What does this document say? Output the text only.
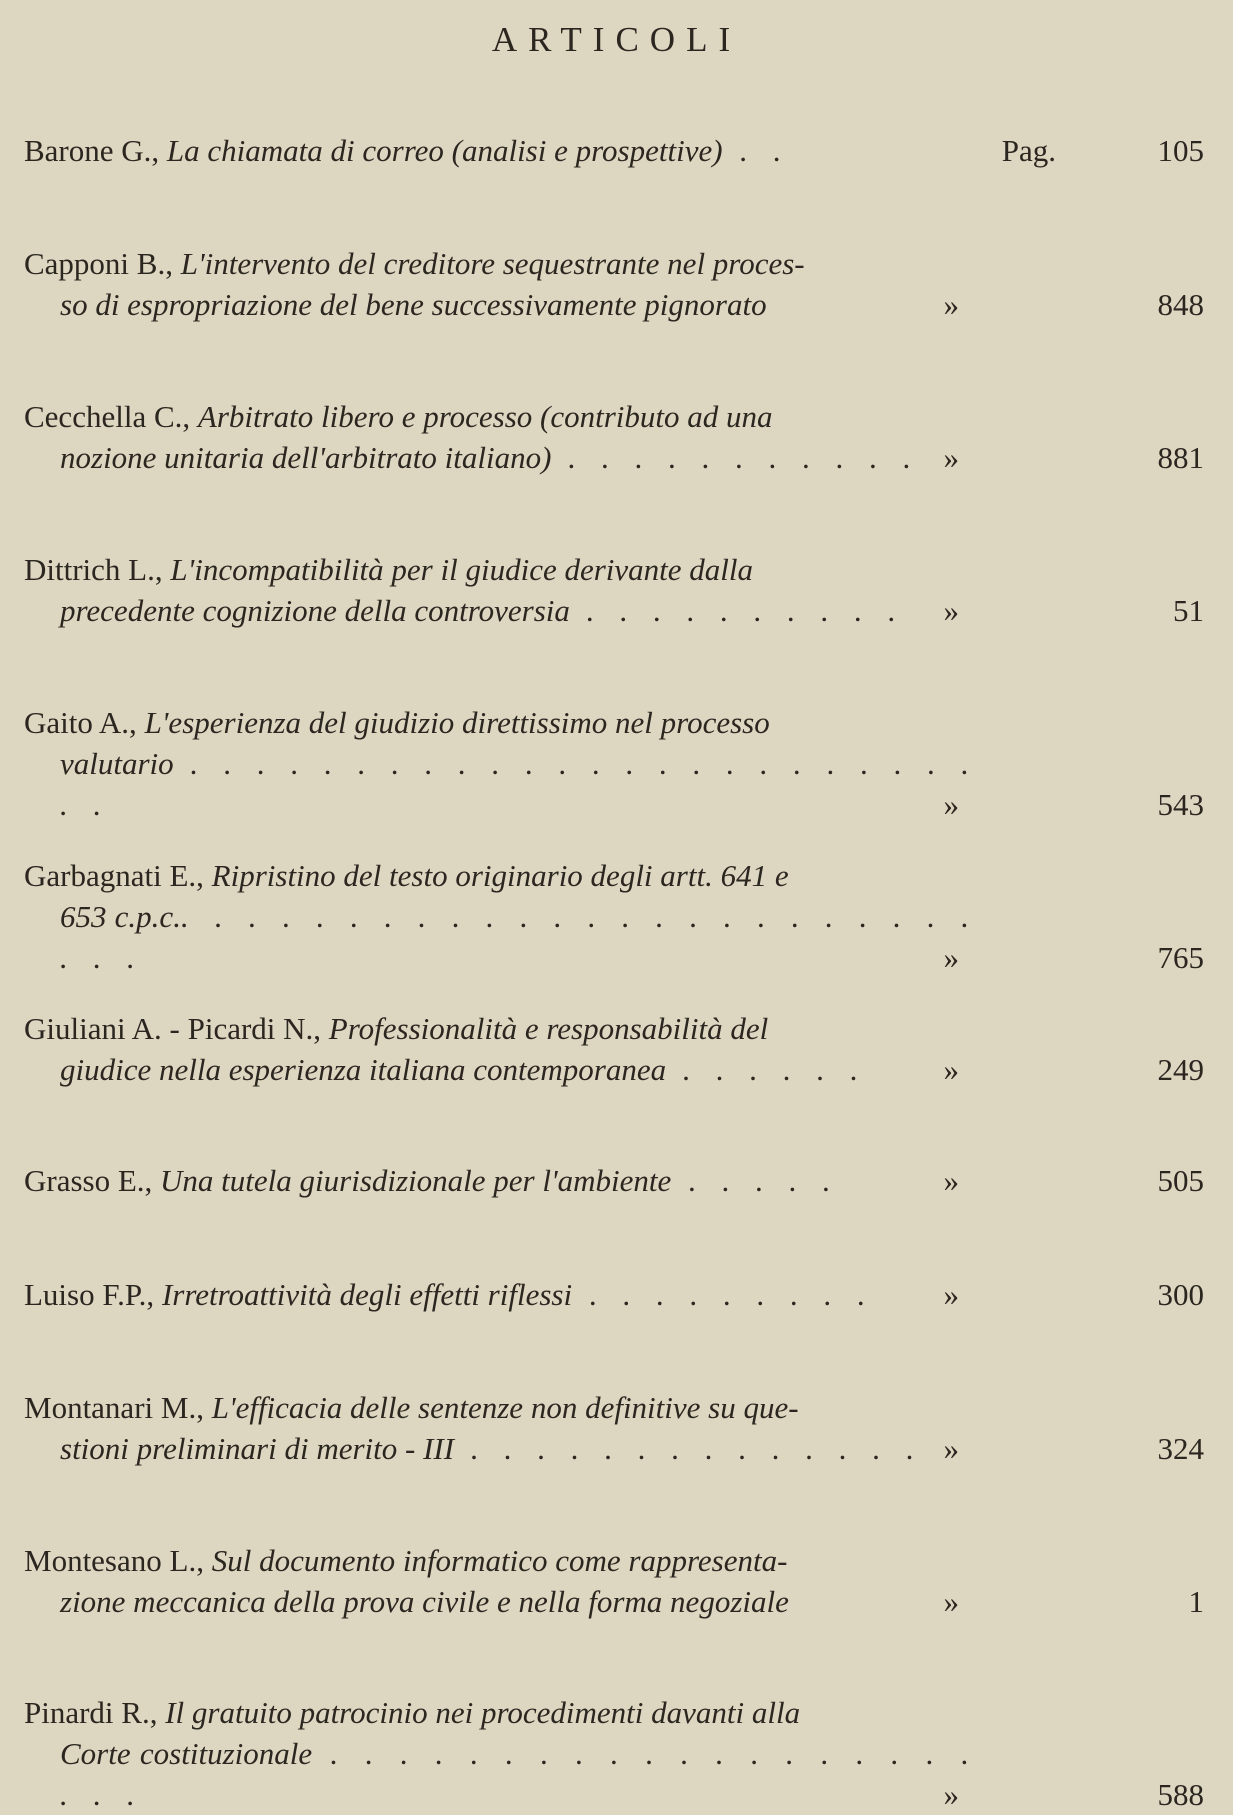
ARTICOLI
Barone G., La chiamata di correo (analisi e prospettive) . .	Pag.	105
Capponi B., L'intervento del creditore sequestrante nel proces-
so di espropriazione del bene successivamente pignorato	»	848
Cecchella C., Arbitrato libero e processo (contributo ad una
nozione unitaria dell'arbitrato italiano) . . . . . . . . . . . »	881
Dittrich L., L'incompatibilità per il giudice derivante dalla
precedente cognizione della controversia . . . . . . . . . .	»	51
Gaito A., L'esperienza del giudizio direttissimo nel processo
valutario . . . . . . . . . . . . . . . . . . . . . . . . . .	»	543
Garbagnati E., Ripristino del testo originario degli artt. 641 e
653 c.p.c.. . . . . . . . . . . . . . . . . . . . . . . . . . .	»	765
Giuliani A. - Picardi N., Professionalità e responsabilità del
giudice nella esperienza italiana contemporanea . . . . . .	»	249
Grasso E., Una tutela giurisdizionale per l'ambiente . . . . .	»	505
Luiso F.P., Irretroattività degli effetti riflessi . . . . . . . . .	»	300
Montanari M., L'efficacia delle sentenze non definitive su que-
stioni preliminari di merito - III . . . . . . . . . . . . . . »	324
Montesano L., Sul documento informatico come rappresenta-
zione meccanica della prova civile e nella forma negoziale	»	1
Pinardi R., Il gratuito patrocinio nei procedimenti davanti alla
Corte costituzionale . . . . . . . . . . . . . . . . . . . . . .	»	588
